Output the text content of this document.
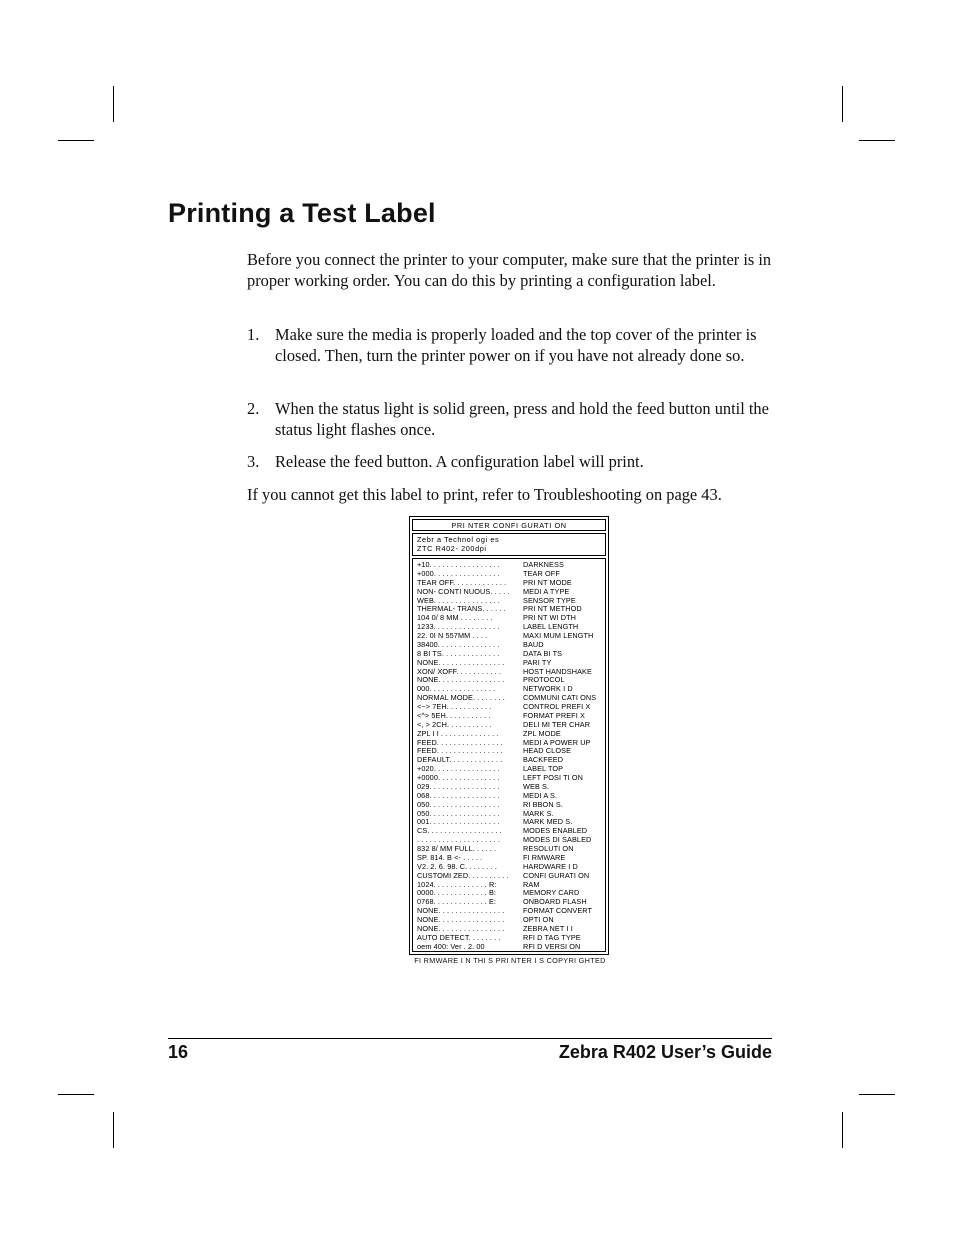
Printing a Test Label

Before you connect the printer to your computer, make sure that the printer is in proper working order. You can do this by printing a configuration label.

1. Make sure the media is properly loaded and the top cover of the printer is closed. Then, turn the printer power on if you have not already done so.
2. When the status light is solid green, press and hold the feed button until the status light flashes once.
3. Release the feed button. A configuration label will print.

If you cannot get this label to print, refer to Troubleshooting on page 43.

PRI NTER CONFI GURATI ON
Zebr a Technol ogi es
ZTC R402- 200dpi
+10. . . . . . . . . . . . . . . . .	DARKNESS
+000. . . . . . . . . . . . . . . .	TEAR OFF
TEAR OFF. . . . . . . . . . . . .	PRI NT MODE
NON- CONTI NUOUS. . . . .	MEDI A TYPE
WEB. . . . . . . . . . . . . . . .	SENSOR TYPE
THERMAL- TRANS. . . . . .	PRI NT METHOD
104 0/ 8 MM . . . . . . . .	PRI NT WI DTH
1233. . . . . . . . . . . . . . . .	LABEL LENGTH
22. 0I N 557MM . . . .	MAXI MUM LENGTH
38400. . . . . . . . . . . . . . .	BAUD
8 BI TS. . . . . . . . . . . . . .	DATA BI TS
NONE. . . . . . . . . . . . . . . .	PARI TY
XON/ XOFF. . . . . . . . . . .	HOST HANDSHAKE
NONE. . . . . . . . . . . . . . . .	PROTOCOL
000. . . . . . . . . . . . . . . .	NETWORK I D
NORMAL MODE. . . . . . . .	COMMUNI CATI ONS
<~> 7EH. . . . . . . . . . .	CONTROL PREFI X
<^> 5EH. . . . . . . . . . .	FORMAT PREFI X
<, > 2CH. . . . . . . . . . .	DELI MI TER CHAR
ZPL I I . . . . . . . . . . . . . .	ZPL MODE
FEED. . . . . . . . . . . . . . . .	MEDI A POWER UP
FEED. . . . . . . . . . . . . . . .	HEAD CLOSE
DEFAULT. . . . . . . . . . . . .	BACKFEED
+020. . . . . . . . . . . . . . . .	LABEL TOP
+0000. . . . . . . . . . . . . . .	LEFT POSI TI ON
029. . . . . . . . . . . . . . . . .	WEB S.
068. . . . . . . . . . . . . . . . .	MEDI A S.
050. . . . . . . . . . . . . . . . .	RI BBON S.
050. . . . . . . . . . . . . . . . .	MARK S.
001. . . . . . . . . . . . . . . . .	MARK MED S.
CS. . . . . . . . . . . . . . . . . .	MODES ENABLED
. . . . . . . . . . . . . . . . . . . .	MODES DI SABLED
832 8/ MM FULL. . . . . .	RESOLUTI ON
SP. 814. B <- . . . . .	FI RMWARE
V2. 2. 6. 98. C. . . . . . . .	HARDWARE I D
CUSTOMI ZED. . . . . . . . . .	CONFI GURATI ON
1024. . . . . . . . . . . . . R:	RAM
0000. . . . . . . . . . . . . B:	MEMORY CARD
0768. . . . . . . . . . . . . E:	ONBOARD FLASH
NONE. . . . . . . . . . . . . . . .	FORMAT CONVERT
NONE. . . . . . . . . . . . . . . .	OPTI ON
NONE. . . . . . . . . . . . . . . .	ZEBRA NET I I
AUTO DETECT. . . . . . . .	RFI D TAG TYPE
oem 400: Ver . 2. 00	RFI D VERSI ON
FI RMWARE I N THI S PRI NTER I S COPYRI GHTED
16	Zebra R402 User’s Guide
